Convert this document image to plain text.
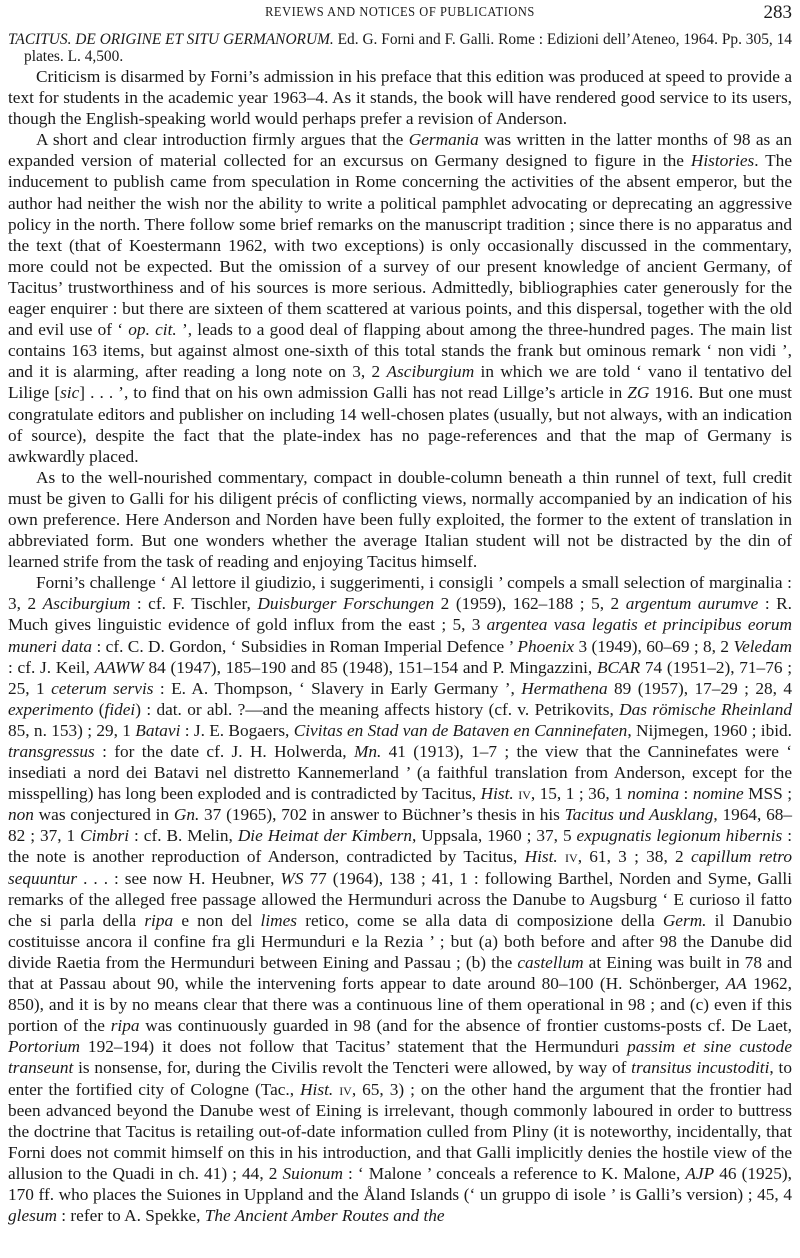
REVIEWS AND NOTICES OF PUBLICATIONS	283
TACITUS. DE ORIGINE ET SITU GERMANORUM. Ed. G. Forni and F. Galli. Rome : Edizioni dell’Ateneo, 1964. Pp. 305, 14 plates. L. 4,500.

Criticism is disarmed by Forni’s admission in his preface that this edition was produced at speed to provide a text for students in the academic year 1963–4. As it stands, the book will have rendered good service to its users, though the English-speaking world would perhaps prefer a revision of Anderson.

A short and clear introduction firmly argues that the Germania was written in the latter months of 98 as an expanded version of material collected for an excursus on Germany designed to figure in the Histories. The inducement to publish came from speculation in Rome concerning the activities of the absent emperor, but the author had neither the wish nor the ability to write a political pamphlet advocating or deprecating an aggressive policy in the north. There follow some brief remarks on the manuscript tradition ; since there is no apparatus and the text (that of Koestermann 1962, with two exceptions) is only occasionally discussed in the commentary, more could not be expected. But the omission of a survey of our present knowledge of ancient Germany, of Tacitus’ trustworthiness and of his sources is more serious. Admittedly, bibliographies cater generously for the eager enquirer : but there are sixteen of them scattered at various points, and this dispersal, together with the old and evil use of ‘ op. cit. ’, leads to a good deal of flapping about among the three-hundred pages. The main list contains 163 items, but against almost one-sixth of this total stands the frank but ominous remark ‘ non vidi ’, and it is alarming, after reading a long note on 3, 2 Asciburgium in which we are told ‘ vano il tentativo del Lilige [sic] . . . ’, to find that on his own admission Galli has not read Lillge’s article in ZG 1916. But one must congratulate editors and publisher on including 14 well-chosen plates (usually, but not always, with an indication of source), despite the fact that the plate-index has no page-references and that the map of Germany is awkwardly placed.

As to the well-nourished commentary, compact in double-column beneath a thin runnel of text, full credit must be given to Galli for his diligent précis of conflicting views, normally accompanied by an indication of his own preference. Here Anderson and Norden have been fully exploited, the former to the extent of translation in abbreviated form. But one wonders whether the average Italian student will not be distracted by the din of learned strife from the task of reading and enjoying Tacitus himself.

Forni’s challenge ‘ Al lettore il giudizio, i suggerimenti, i consigli ’ compels a small selection of marginalia : 3, 2 Asciburgium : cf. F. Tischler, Duisburger Forschungen 2 (1959), 162–188 ; 5, 2 argentum aurumve : R. Much gives linguistic evidence of gold influx from the east ; 5, 3 argentea vasa legatis et principibus eorum muneri data : cf. C. D. Gordon, ‘ Subsidies in Roman Imperial Defence ’ Phoenix 3 (1949), 60–69 ; 8, 2 Veledam : cf. J. Keil, AAWW 84 (1947), 185–190 and 85 (1948), 151–154 and P. Mingazzini, BCAR 74 (1951–2), 71–76 ; 25, 1 ceterum servis : E. A. Thompson, ‘ Slavery in Early Germany ’, Hermathena 89 (1957), 17–29 ; 28, 4 experimento (fidei) : dat. or abl. ?—and the meaning affects history (cf. v. Petrikovits, Das römische Rheinland 85, n. 153) ; 29, 1 Batavi : J. E. Bogaers, Civitas en Stad van de Bataven en Canninefaten, Nijmegen, 1960 ; ibid. transgressus : for the date cf. J. H. Holwerda, Mn. 41 (1913), 1–7 ; the view that the Canninefates were ‘ insediati a nord dei Batavi nel distretto Kannemerland ’ (a faithful translation from Anderson, except for the misspelling) has long been exploded and is contradicted by Tacitus, Hist. iv, 15, 1 ; 36, 1 nomina : nomine MSS ; non was conjectured in Gn. 37 (1965), 702 in answer to Büchner’s thesis in his Tacitus und Ausklang, 1964, 68–82 ; 37, 1 Cimbri : cf. B. Melin, Die Heimat der Kimbern, Uppsala, 1960 ; 37, 5 expugnatis legionum hibernis : the note is another reproduction of Anderson, contradicted by Tacitus, Hist. iv, 61, 3 ; 38, 2 capillum retro sequuntur . . . : see now H. Heubner, WS 77 (1964), 138 ; 41, 1 : following Barthel, Norden and Syme, Galli remarks of the alleged free passage allowed the Hermunduri across the Danube to Augsburg ‘ E curioso il fatto che si parla della ripa e non del limes retico, come se alla data di composizione della Germ. il Danubio costituisse ancora il confine fra gli Hermunduri e la Rezia ’ ; but (a) both before and after 98 the Danube did divide Raetia from the Hermunduri between Eining and Passau ; (b) the castellum at Eining was built in 78 and that at Passau about 90, while the intervening forts appear to date around 80–100 (H. Schönberger, AA 1962, 850), and it is by no means clear that there was a continuous line of them operational in 98 ; and (c) even if this portion of the ripa was continuously guarded in 98 (and for the absence of frontier customs-posts cf. De Laet, Portorium 192–194) it does not follow that Tacitus’ statement that the Hermunduri passim et sine custode transeunt is nonsense, for, during the Civilis revolt the Tencteri were allowed, by way of transitus incustoditi, to enter the fortified city of Cologne (Tac., Hist. iv, 65, 3) ; on the other hand the argument that the frontier had been advanced beyond the Danube west of Eining is irrelevant, though commonly laboured in order to buttress the doctrine that Tacitus is retailing out-of-date information culled from Pliny (it is noteworthy, incidentally, that Forni does not commit himself on this in his introduction, and that Galli implicitly denies the hostile view of the allusion to the Quadi in ch. 41) ; 44, 2 Suionum : ‘ Malone ’ conceals a reference to K. Malone, AJP 46 (1925), 170 ff. who places the Suiones in Uppland and the Åland Islands (‘ un gruppo di isole ’ is Galli’s version) ; 45, 4 glesum : refer to A. Spekke, The Ancient Amber Routes and the
